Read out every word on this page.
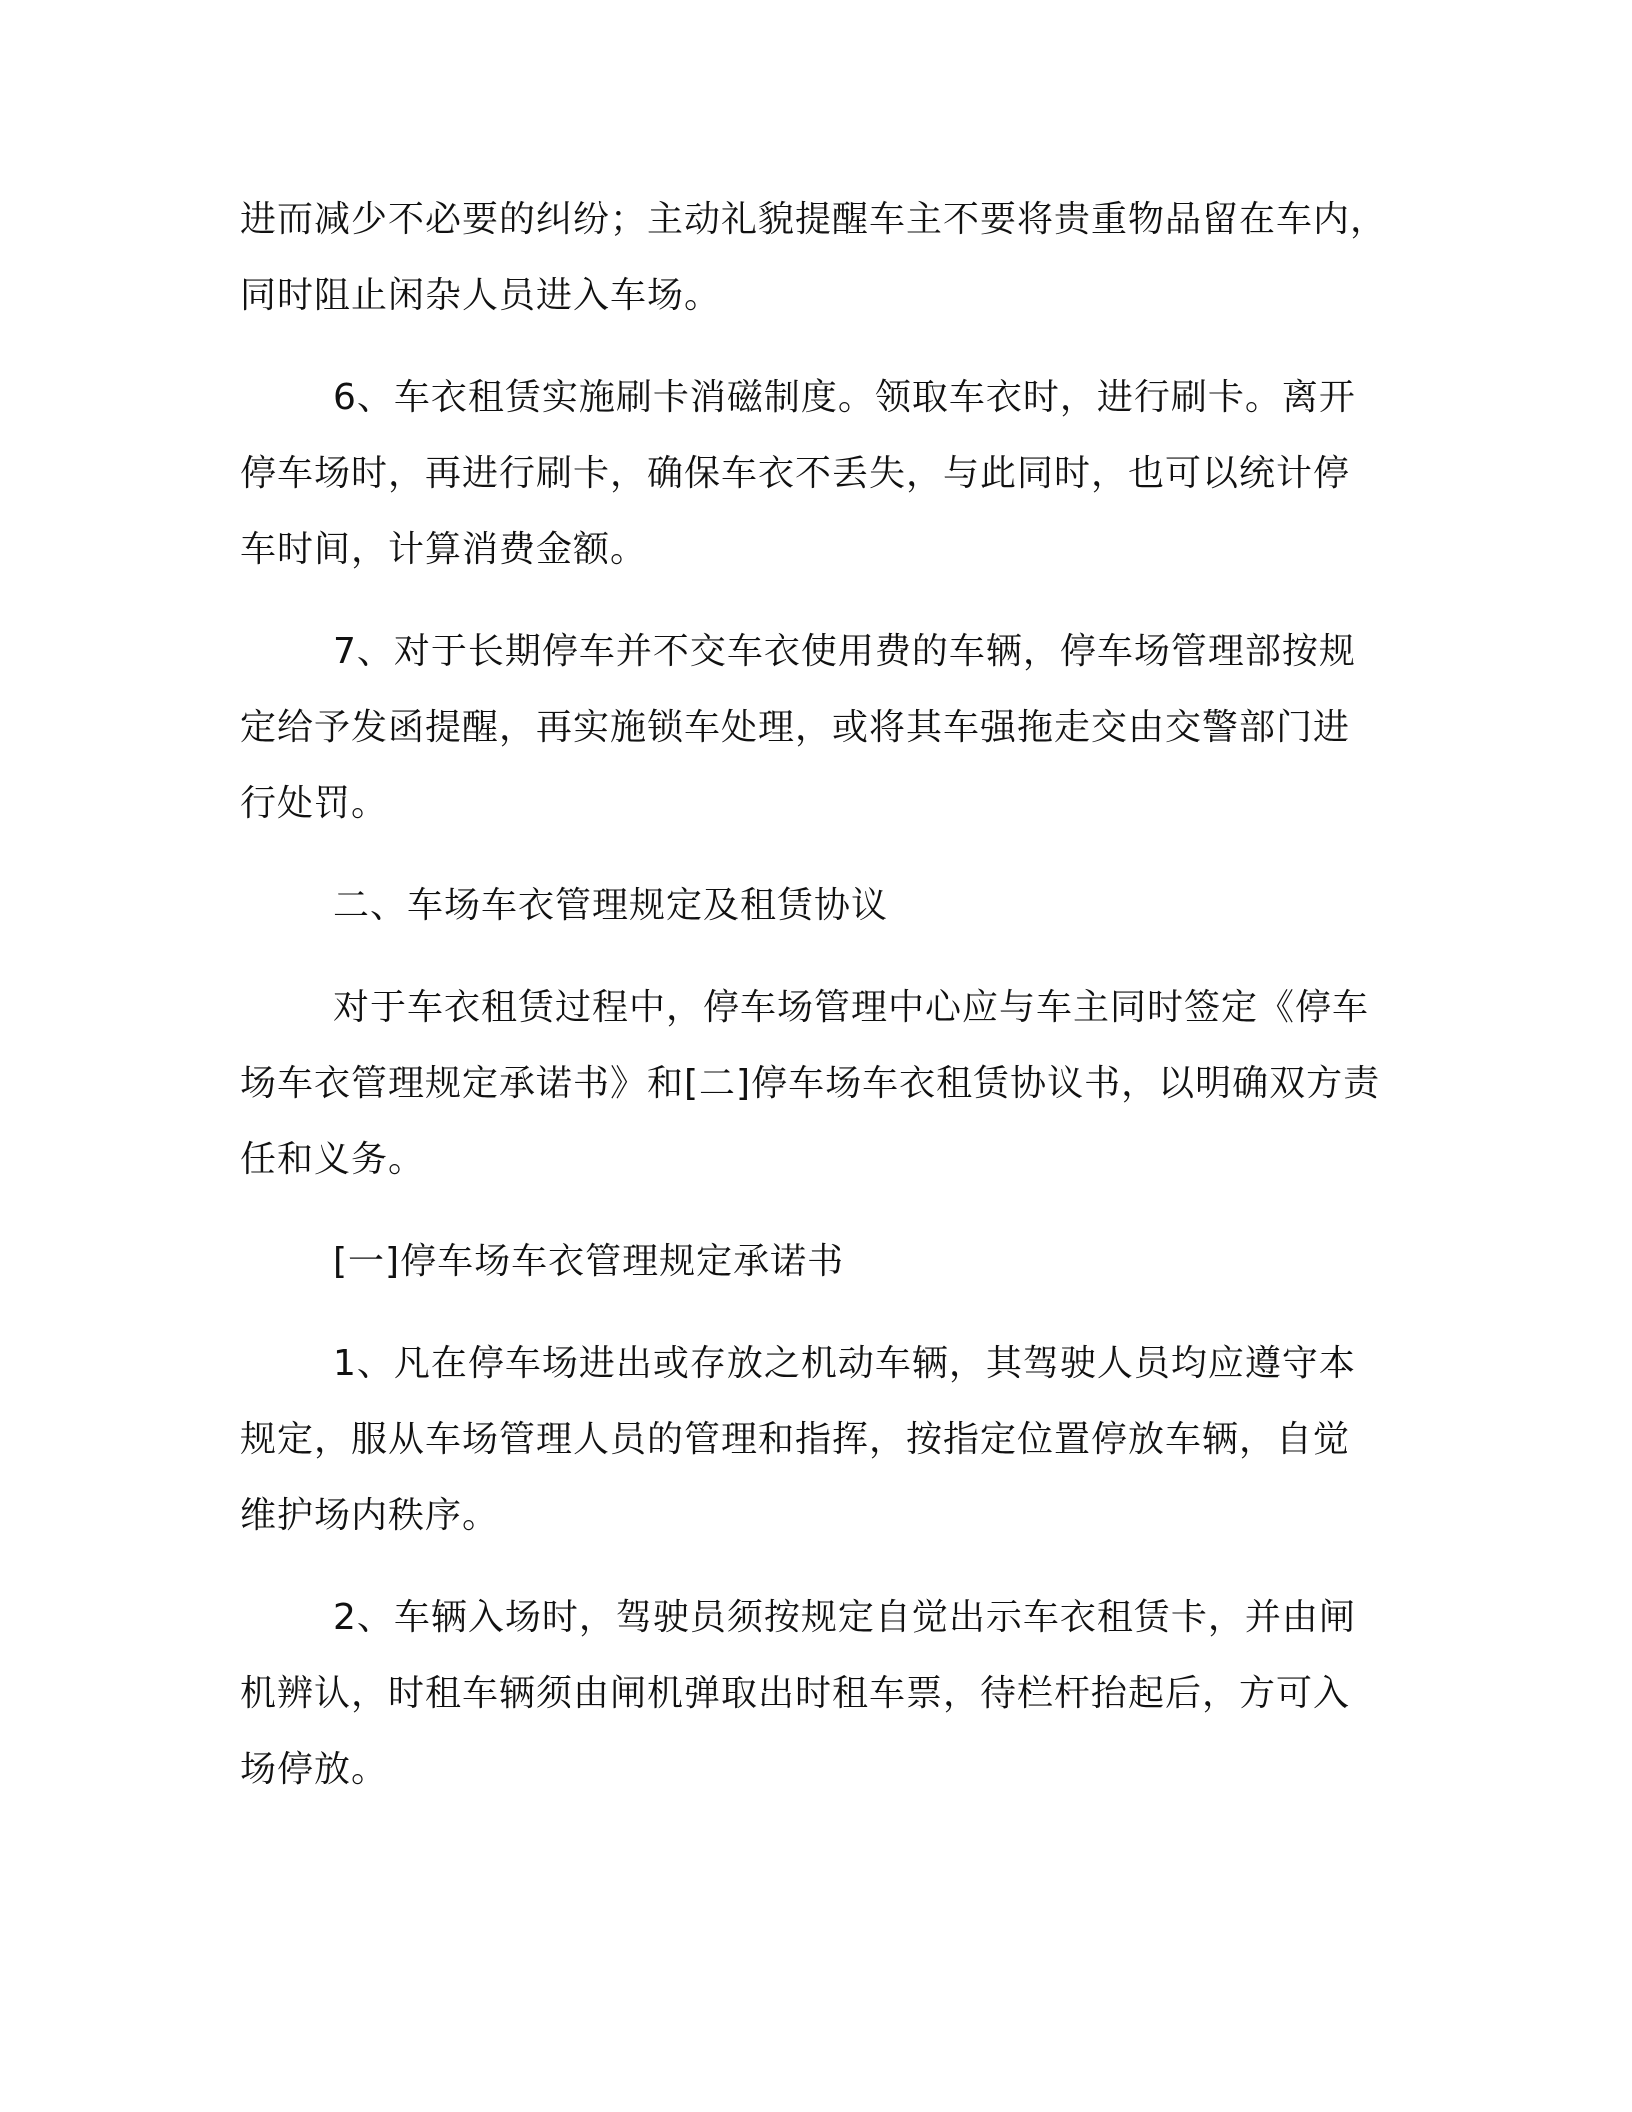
进而减少不必要的纠纷；主动礼貌提醒车主不要将贵重物品留在车内，
同时阻止闲杂人员进入车场。
6、车衣租赁实施刷卡消磁制度。领取车衣时，进行刷卡。离开
停车场时，再进行刷卡，确保车衣不丢失，与此同时，也可以统计停
车时间，计算消费金额。
7、对于长期停车并不交车衣使用费的车辆，停车场管理部按规
定给予发函提醒，再实施锁车处理，或将其车强拖走交由交警部门进
行处罚。
二、车场车衣管理规定及租赁协议
对于车衣租赁过程中，停车场管理中心应与车主同时签定《停车
场车衣管理规定承诺书》和[二]停车场车衣租赁协议书，以明确双方责
任和义务。
[一]停车场车衣管理规定承诺书
1、凡在停车场进出或存放之机动车辆，其驾驶人员均应遵守本
规定，服从车场管理人员的管理和指挥，按指定位置停放车辆，自觉
维护场内秩序。
2、车辆入场时，驾驶员须按规定自觉出示车衣租赁卡，并由闸
机辨认，时租车辆须由闸机弹取出时租车票，待栏杆抬起后，方可入
场停放。
